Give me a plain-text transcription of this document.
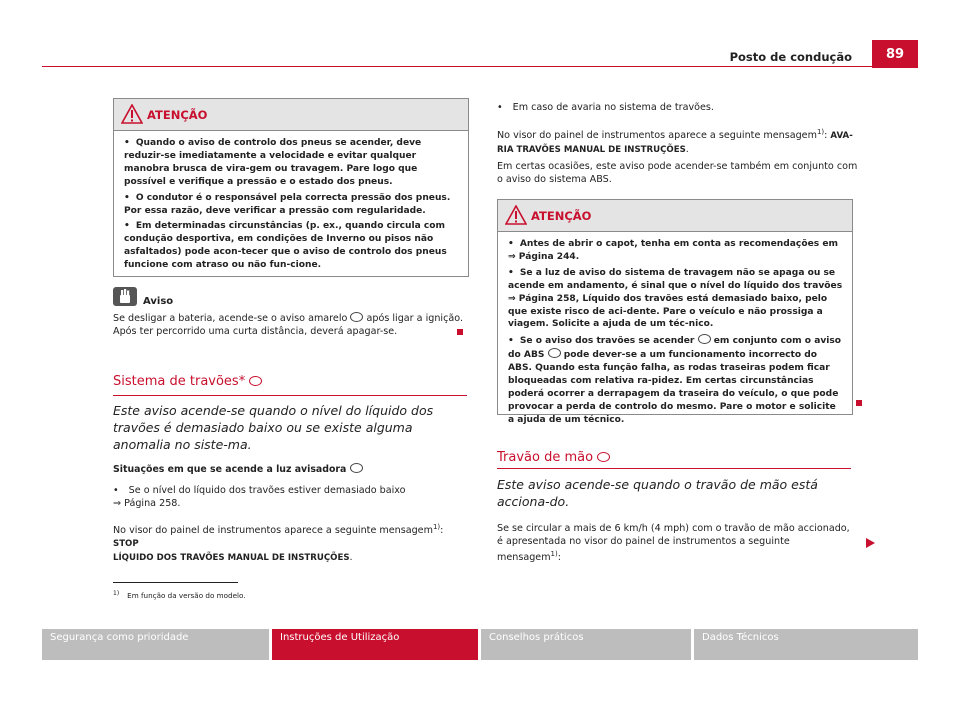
Posto de condução	89
ATENÇÃO

• Quando o aviso de controlo dos pneus se acender, deve reduzir-se imediatamente a velocidade e evitar qualquer manobra brusca de vira-gem ou travagem. Pare logo que possível e verifique a pressão e o estado dos pneus.

• O condutor é o responsável pela correcta pressão dos pneus. Por essa razão, deve verificar a pressão com regularidade.

• Em determinadas circunstâncias (p. ex., quando circula com condução desportiva, em condições de Inverno ou pisos não asfaltados) pode acon-tecer que o aviso de controlo dos pneus funcione com atraso ou não fun-cione.

Aviso
Se desligar a bateria, acende-se o aviso amarelo após ligar a ignição. Após ter percorrido uma curta distância, deverá apagar-se.
Sistema de travões*
Este aviso acende-se quando o nível do líquido dos travões é demasiado baixo ou se existe alguma anomalia no siste-ma.
Situações em que se acende a luz avisadora
• Se o nível do líquido dos travões estiver demasiado baixo
⇒ Página 258.
No visor do painel de instrumentos aparece a seguinte mensagem$^{1)}$: STOP
LÍQUIDO DOS TRAVÕES MANUAL DE INSTRUÇÕES.
$^{1)}$ Em função da versão do modelo.
• Em caso de avaria no sistema de travões.
No visor do painel de instrumentos aparece a seguinte mensagem$^{1)}$: AVA-
RIA TRAVÕES MANUAL DE INSTRUÇÕES.
Em certas ocasiões, este aviso pode acender-se também em conjunto com o aviso do sistema ABS.
ATENÇÃO

• Antes de abrir o capot, tenha em conta as recomendações em
⇒ Página 244.

• Se a luz de aviso do sistema de travagem não se apaga ou se acende em andamento, é sinal que o nível do líquido dos travões ⇒ Página 258, Líquido dos travões está demasiado baixo, pelo que existe risco de aci-dente. Pare o veículo e não prossiga a viagem. Solicite a ajuda de um téc-nico.

• Se o aviso dos travões se acender em conjunto com o aviso do ABS pode dever-se a um funcionamento incorrecto do ABS. Quando esta função falha, as rodas traseiras podem ficar bloqueadas com relativa ra-pidez. Em certas circunstâncias poderá ocorrer a derrapagem da traseira do veículo, o que pode provocar a perda de controlo do mesmo. Pare o motor e solicite a ajuda de um técnico.

Travão de mão
Este aviso acende-se quando o travão de mão está acciona-do.
Se se circular a mais de 6 km/h (4 mph) com o travão de mão accionado, é apresentada no visor do painel de instrumentos a seguinte mensagem$^{1)}$:
Segurança como prioridade	Instruções de Utilização	Conselhos práticos	Dados Técnicos
